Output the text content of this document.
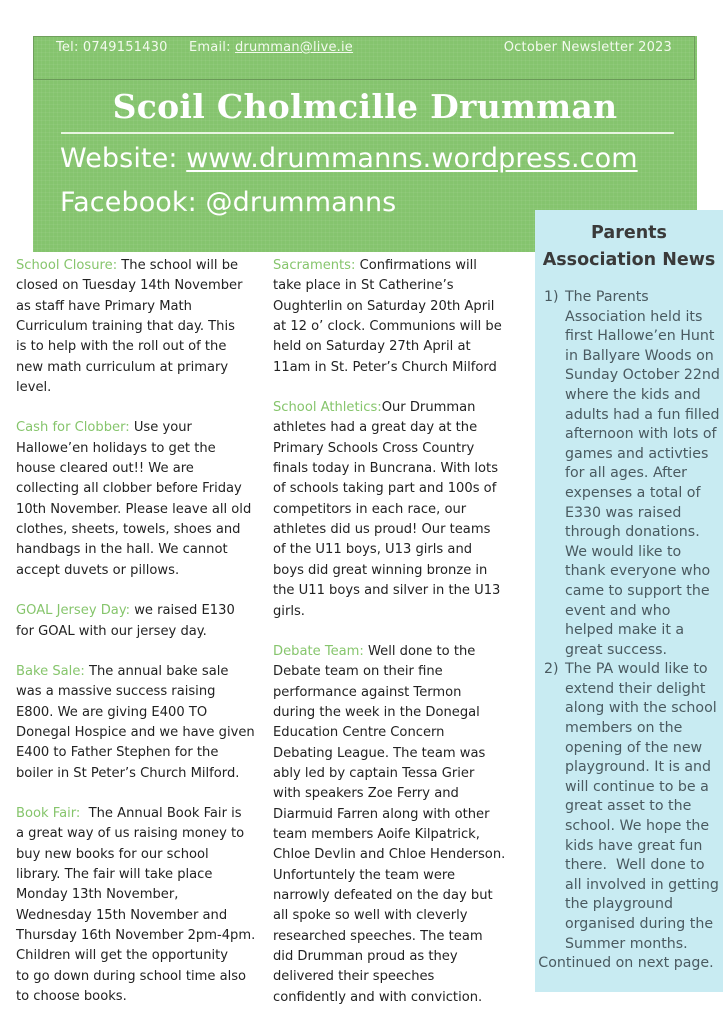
Tel: 0749151430 Email: drumman@live.ie	October Newsletter 2023
Scoil Cholmcille Drumman
Website: www.drummanns.wordpress.com
Facebook: @drummanns

School Closure: The school will be

closed on Tuesday 14th November

as staff have Primary Math

Curriculum training that day. This

is to help with the roll out of the

new math curriculum at primary

level.

Cash for Clobber: Use your

Hallowe’en holidays to get the

house cleared out!! We are

collecting all clobber before Friday

10th November. Please leave all old

clothes, sheets, towels, shoes and

handbags in the hall. We cannot

accept duvets or pillows.

GOAL Jersey Day: we raised E130

for GOAL with our jersey day.

Bake Sale: The annual bake sale

was a massive success raising

E800. We are giving E400 TO

Donegal Hospice and we have given

E400 to Father Stephen for the

boiler in St Peter’s Church Milford.

Book Fair:  The Annual Book Fair is

a great way of us raising money to

buy new books for our school

library. The fair will take place

Monday 13th November,

Wednesday 15th November and

Thursday 16th November 2pm-4pm.

Children will get the opportunity

to go down during school time also

to choose books.

Sacraments: Confirmations will

take place in St Catherine’s

Oughterlin on Saturday 20th April

at 12 o’ clock. Communions will be

held on Saturday 27th April at

11am in St. Peter’s Church Milford

School Athletics:Our Drumman

athletes had a great day at the

Primary Schools Cross Country

finals today in Buncrana. With lots

of schools taking part and 100s of

competitors in each race, our

athletes did us proud! Our teams

of the U11 boys, U13 girls and

boys did great winning bronze in

the U11 boys and silver in the U13

girls.

Debate Team: Well done to the

Debate team on their fine

performance against Termon

during the week in the Donegal

Education Centre Concern

Debating League. The team was

ably led by captain Tessa Grier

with speakers Zoe Ferry and

Diarmuid Farren along with other

team members Aoife Kilpatrick,

Chloe Devlin and Chloe Henderson.

Unfortuntely the team were

narrowly defeated on the day but

all spoke so well with cleverly

researched speeches. The team

did Drumman proud as they

delivered their speeches

confidently and with conviction.

Parents
Association News
1) The Parents
Association held its
first Hallowe’en Hunt
in Ballyare Woods on
Sunday October 22nd
where the kids and
adults had a fun filled
afternoon with lots of
games and activties
for all ages. After
expenses a total of
E330 was raised
through donations.
We would like to
thank everyone who
came to support the
event and who
helped make it a
great success.
2) The PA would like to
extend their delight
along with the school
members on the
opening of the new
playground. It is and
will continue to be a
great asset to the
school. We hope the
kids have great fun
there.  Well done to
all involved in getting
the playground
organised during the
Summer months.
Continued on next page.
